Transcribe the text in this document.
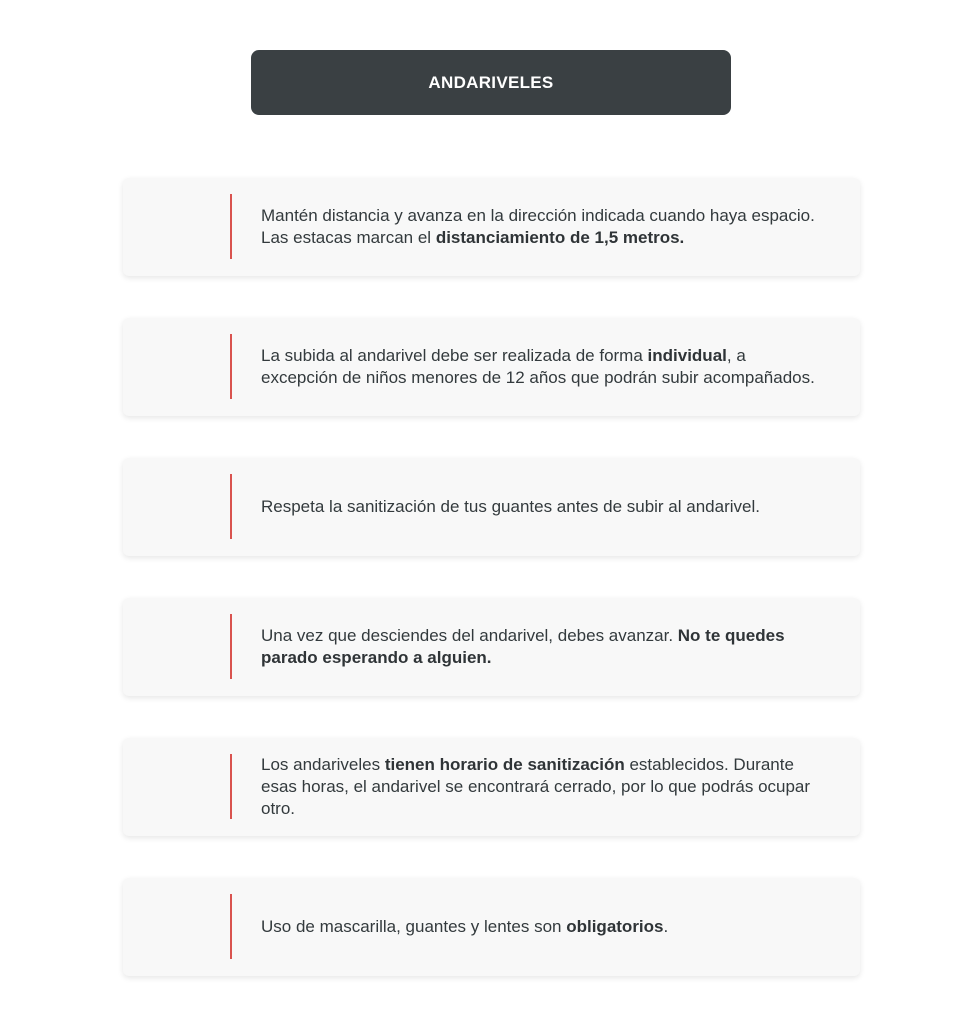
ANDARIVELES

Mantén distancia y avanza en la dirección indicada cuando haya espacio. Las estacas marcan el distanciamiento de 1,5 metros.

La subida al andarivel debe ser realizada de forma individual, a excepción de niños menores de 12 años que podrán subir acompañados.

Respeta la sanitización de tus guantes antes de subir al andarivel.

Una vez que desciendes del andarivel, debes avanzar. No te quedes parado esperando a alguien.

Los andariveles tienen horario de sanitización establecidos. Durante esas horas, el andarivel se encontrará cerrado, por lo que podrás ocupar otro.

Uso de mascarilla, guantes y lentes son obligatorios.
